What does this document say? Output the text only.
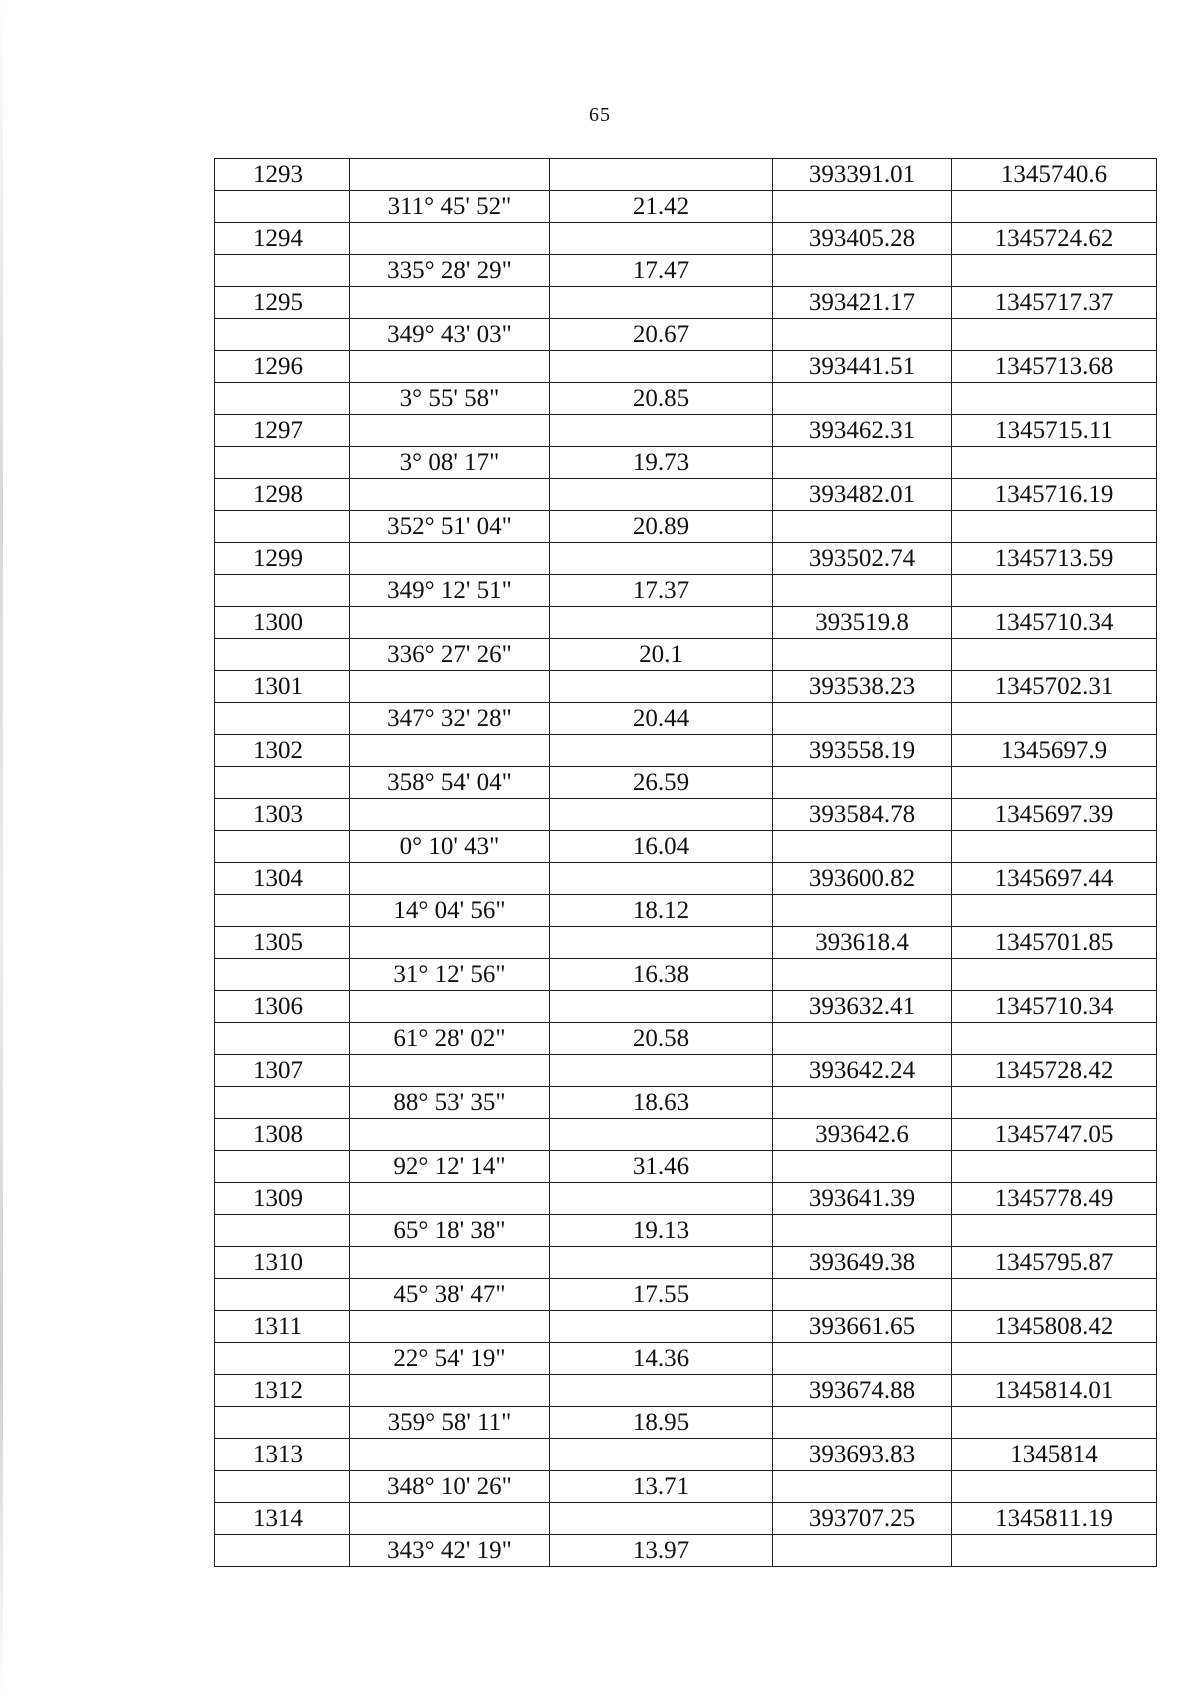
65
1293			393391.01	1345740.6
	311° 45' 52"	21.42		
1294			393405.28	1345724.62
	335° 28' 29"	17.47		
1295			393421.17	1345717.37
	349° 43' 03"	20.67		
1296			393441.51	1345713.68
	3° 55' 58"	20.85		
1297			393462.31	1345715.11
	3° 08' 17"	19.73		
1298			393482.01	1345716.19
	352° 51' 04"	20.89		
1299			393502.74	1345713.59
	349° 12' 51"	17.37		
1300			393519.8	1345710.34
	336° 27' 26"	20.1		
1301			393538.23	1345702.31
	347° 32' 28"	20.44		
1302			393558.19	1345697.9
	358° 54' 04"	26.59		
1303			393584.78	1345697.39
	0° 10' 43"	16.04		
1304			393600.82	1345697.44
	14° 04' 56"	18.12		
1305			393618.4	1345701.85
	31° 12' 56"	16.38		
1306			393632.41	1345710.34
	61° 28' 02"	20.58		
1307			393642.24	1345728.42
	88° 53' 35"	18.63		
1308			393642.6	1345747.05
	92° 12' 14"	31.46		
1309			393641.39	1345778.49
	65° 18' 38"	19.13		
1310			393649.38	1345795.87
	45° 38' 47"	17.55		
1311			393661.65	1345808.42
	22° 54' 19"	14.36		
1312			393674.88	1345814.01
	359° 58' 11"	18.95		
1313			393693.83	1345814
	348° 10' 26"	13.71		
1314			393707.25	1345811.19
	343° 42' 19"	13.97		
